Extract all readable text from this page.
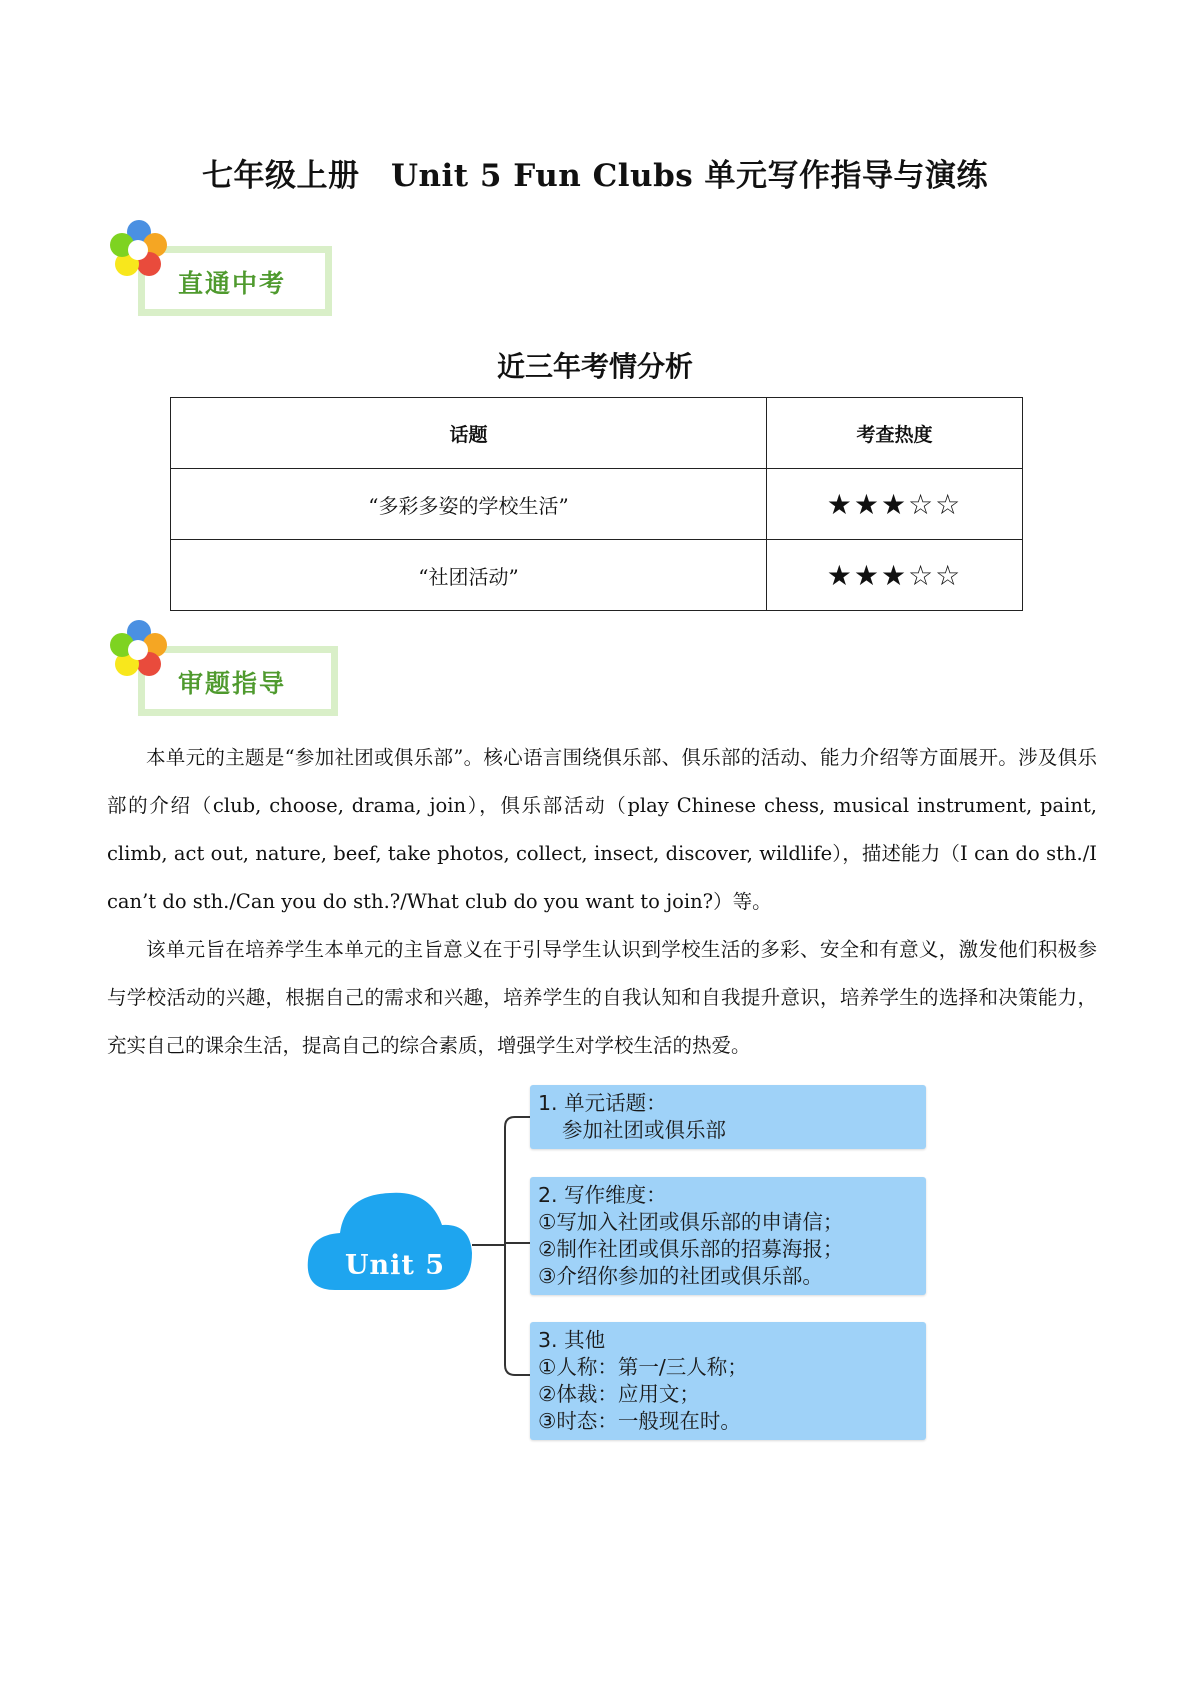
七年级上册　Unit 5 Fun Clubs 单元写作指导与演练
直通中考
近三年考情分析
话题	考查热度
“多彩多姿的学校生活”	★★★☆☆
“社团活动”	★★★☆☆
审题指导
本单元的主题是“参加社团或俱乐部”。核心语言围绕俱乐部、俱乐部的活动、能力介绍等方面展开。涉及俱乐部的介绍（club, choose, drama, join），俱乐部活动（play Chinese chess, musical instrument, paint, climb, act out, nature, beef, take photos, collect, insect, discover, wildlife），描述能力（I can do sth./I can’t do sth./Can you do sth.?/What club do you want to join?）等。
该单元旨在培养学生本单元的主旨意义在于引导学生认识到学校生活的多彩、安全和有意义，激发他们积极参与学校活动的兴趣，根据自己的需求和兴趣，培养学生的自我认知和自我提升意识，培养学生的选择和决策能力，充实自己的课余生活，提高自己的综合素质，增强学生对学校生活的热爱。
Unit 5
1. 单元话题：
参加社团或俱乐部
2. 写作维度：
①写加入社团或俱乐部的申请信；
②制作社团或俱乐部的招募海报；
③介绍你参加的社团或俱乐部。
3. 其他
①人称：第一/三人称；
②体裁：应用文；
③时态：一般现在时。
